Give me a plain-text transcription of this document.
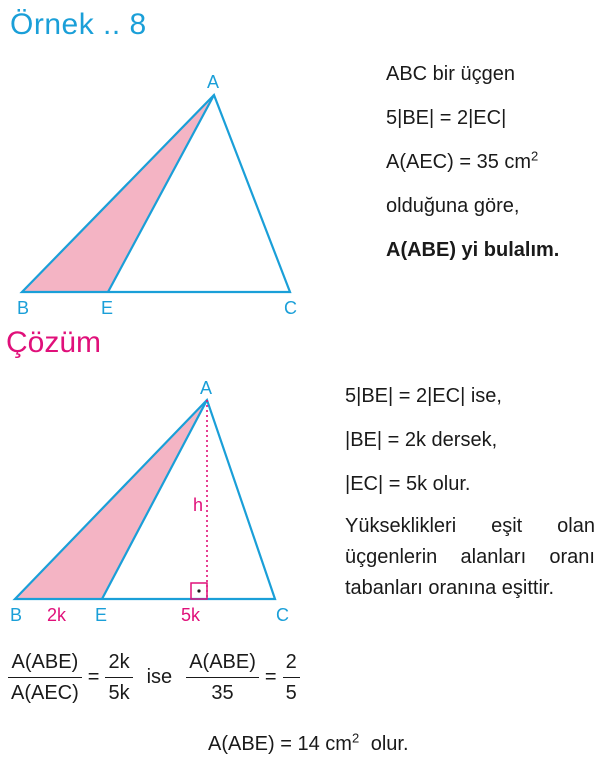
Örnek .. 8
A
B	E	C
ABC bir üçgen
5|BE| = 2|EC|
A(AEC) = 35 $cm^2$
olduğuna göre,
A(ABE) yi bulalım.
Çözüm
A
h
B 2k E	5k	C
5|BE| = 2|EC| ise,
|BE| = 2k dersek,
|EC| = 5k olur.
Yükseklikleri eşit olan üçgenlerin alanları oranı tabanları oranına eşittir.
$\frac{\text{A(ABE)}}{\text{A(AEC)}} = \frac{2k}{5k}$ ise $\frac{\text{A(ABE)}}{35} = \frac{2}{5}$
A(ABE) = 14 $cm^2$ olur.
